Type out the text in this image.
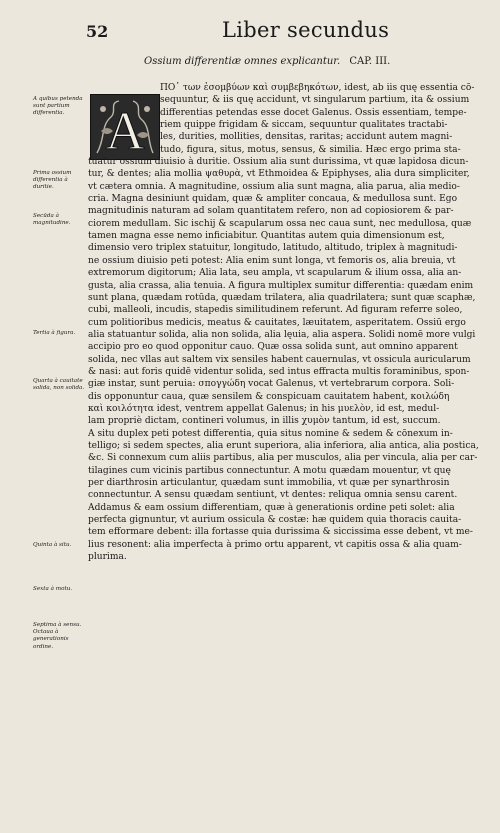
52	Liber secundus
Ossium differentiæ omnes explicantur. CAP. III.
A quibus petenda sunt partium differentia.
Prima ossium differentia à duritie.
Secūda à magnitudine.
Tertia à figura.
Quarta à cauitate solida, non solida.
Quinta à situ.
Sexta à motu.
Septima à sensu. Octaua à generationis ordine.
A
ΠΟ᾽ των ἐσομβύων καὶ συμβεβηκότων, idest, ab iis quę essentia cō-
sequuntur, & iis quę accidunt, vt singularum partium, ita & ossium
differentias petendas esse docet Galenus. Ossis essentiam, tempe-
riem quippe frigidam & siccam, sequuntur qualitates tractabi-
les, durities, mollities, densitas, raritas; accidunt autem magni-
tudo, figura, situs, motus, sensus, & similia. Hæc ergo prima sta-
tuatur ossium diuisio à duritie. Ossium alia sunt durissima, vt quæ lapidosa dicun-
tur, & dentes; alia mollia ψαθυρὰ, vt Ethmoidea & Epiphyses, alia dura simpliciter,
vt cætera omnia. A magnitudine, ossium alia sunt magna, alia parua, alia medio-
cria. Magna desiniunt quidam, quæ & ampliter concaua, & medullosa sunt. Ego
magnitudinis naturam ad solam quantitatem refero, non ad copiosiorem & par-
ciorem medullam. Sic ischij & scapularum ossa nec caua sunt, nec medullosa, quæ
tamen magna esse nemo inficiabitur. Quantitas autem quia dimensionum est,
dimensio vero triplex statuitur, longitudo, latitudo, altitudo, triplex à magnitudi-
ne ossium diuisio peti potest: Alia enim sunt longa, vt femoris os, alia breuia, vt
extremorum digitorum; Alia lata, seu ampla, vt scapularum & ilium ossa, alia an-
gusta, alia crassa, alia tenuia. A figura multiplex sumitur differentia: quædam enim
sunt plana, quædam rotūda, quædam trilatera, alia quadrilatera; sunt quæ scaphæ,
cubi, malleoli, incudis, stapedis similitudinem referunt. Ad figuram referre soleo,
cum politioribus medicis, meatus & cauitates, læuitatem, asperitatem. Ossiū ergo
alia statuantur solida, alia non solida, alia lęuia, alia aspera. Solidi nomē more vulgi
accipio pro eo quod opponitur cauo. Quæ ossa solida sunt, aut omnino apparent
solida, nec vllas aut saltem vix sensiles habent cauernulas, vt ossicula auricularum
& nasi: aut foris quidē videntur solida, sed intus effracta multis foraminibus, spon-
giæ instar, sunt peruia: σπογγώδη vocat Galenus, vt vertebrarum corpora. Soli-
dis opponuntur caua, quæ sensilem & conspicuam cauitatem habent, κοιλώδη
καὶ κοιλότητα idest, ventrem appellat Galenus; in his μυελὸν, id est, medul-
lam propriè dictam, contineri volumus, in illis χυμὸν tantum, id est, succum.
A situ duplex peti potest differentia, quia situs nomine & sedem & cōnexum in-
telligo; si sedem spectes, alia erunt superiora, alia inferiora, alia antica, alia postica,
&c. Si connexum cum aliis partibus, alia per musculos, alia per vincula, alia per car-
tilagines cum vicinis partibus connectuntur. A motu quædam mouentur, vt quę
per diarthrosin articulantur, quædam sunt immobilia, vt quæ per synarthrosin
connectuntur. A sensu quædam sentiunt, vt dentes: reliqua omnia sensu carent.
Addamus & eam ossium differentiam, quæ à generationis ordine peti solet: alia
perfecta gignuntur, vt aurium ossicula & costæ: hæ quidem quia thoracis cauita-
tem efformare debent: illa fortasse quia durissima & siccissima esse debent, vt me-
lius resonent: alia imperfecta à primo ortu apparent, vt capitis ossa & alia quam-
plurima.
